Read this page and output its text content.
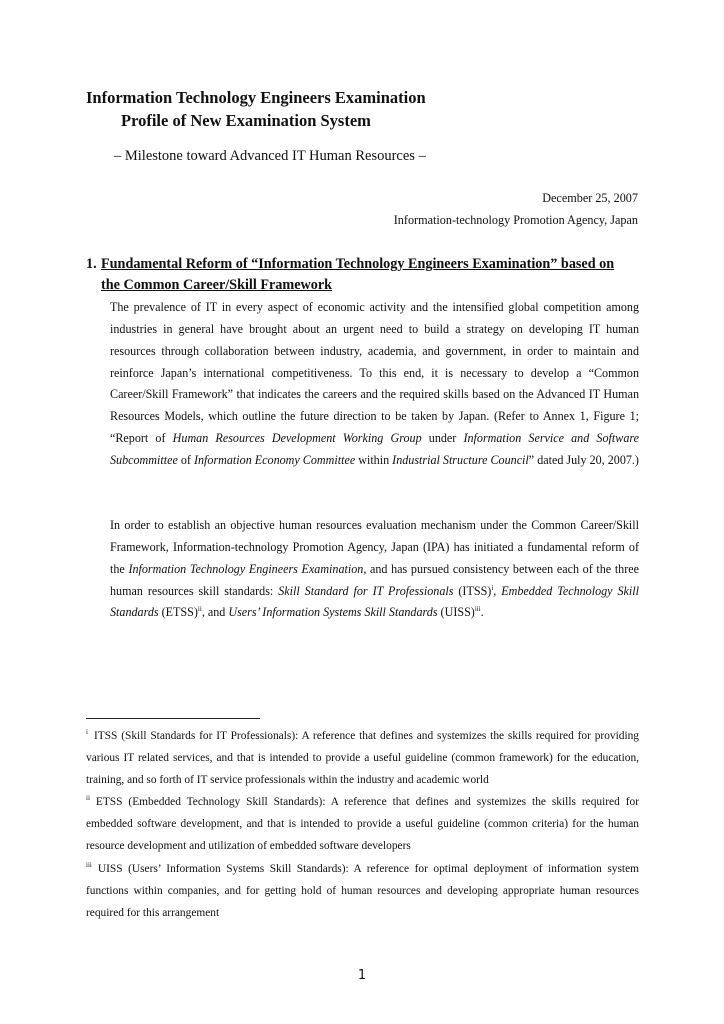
Information Technology Engineers Examination
Profile of New Examination System
– Milestone toward Advanced IT Human Resources –
December 25, 2007
Information-technology Promotion Agency, Japan
1. Fundamental Reform of “Information Technology Engineers Examination” based on
the Common Career/Skill Framework

The prevalence of IT in every aspect of economic activity and the intensified global competition among industries in general have brought about an urgent need to build a strategy on developing IT human resources through collaboration between industry, academia, and government, in order to maintain and reinforce Japan’s international competitiveness. To this end, it is necessary to develop a “Common Career/Skill Framework” that indicates the careers and the required skills based on the Advanced IT Human Resources Models, which outline the future direction to be taken by Japan. (Refer to Annex 1, Figure 1; “Report of Human Resources Development Working Group under Information Service and Software Subcommittee of Information Economy Committee within Industrial Structure Council” dated July 20, 2007.)

In order to establish an objective human resources evaluation mechanism under the Common Career/Skill Framework, Information-technology Promotion Agency, Japan (IPA) has initiated a fundamental reform of the Information Technology Engineers Examination, and has pursued consistency between each of the three human resources skill standards: Skill Standard for IT Professionals (ITSS)$^i$, Embedded Technology Skill Standards (ETSS)$^{ii}$, and Users’ Information Systems Skill Standards (UISS)$^{iii}$.

$^i$ ITSS (Skill Standards for IT Professionals): A reference that defines and systemizes the skills required for providing various IT related services, and that is intended to provide a useful guideline (common framework) for the education, training, and so forth of IT service professionals within the industry and academic world

$^{ii}$ ETSS (Embedded Technology Skill Standards): A reference that defines and systemizes the skills required for embedded software development, and that is intended to provide a useful guideline (common criteria) for the human resource development and utilization of embedded software developers

$^{iii}$ UISS (Users’ Information Systems Skill Standards): A reference for optimal deployment of information system functions within companies, and for getting hold of human resources and developing appropriate human resources required for this arrangement

1
